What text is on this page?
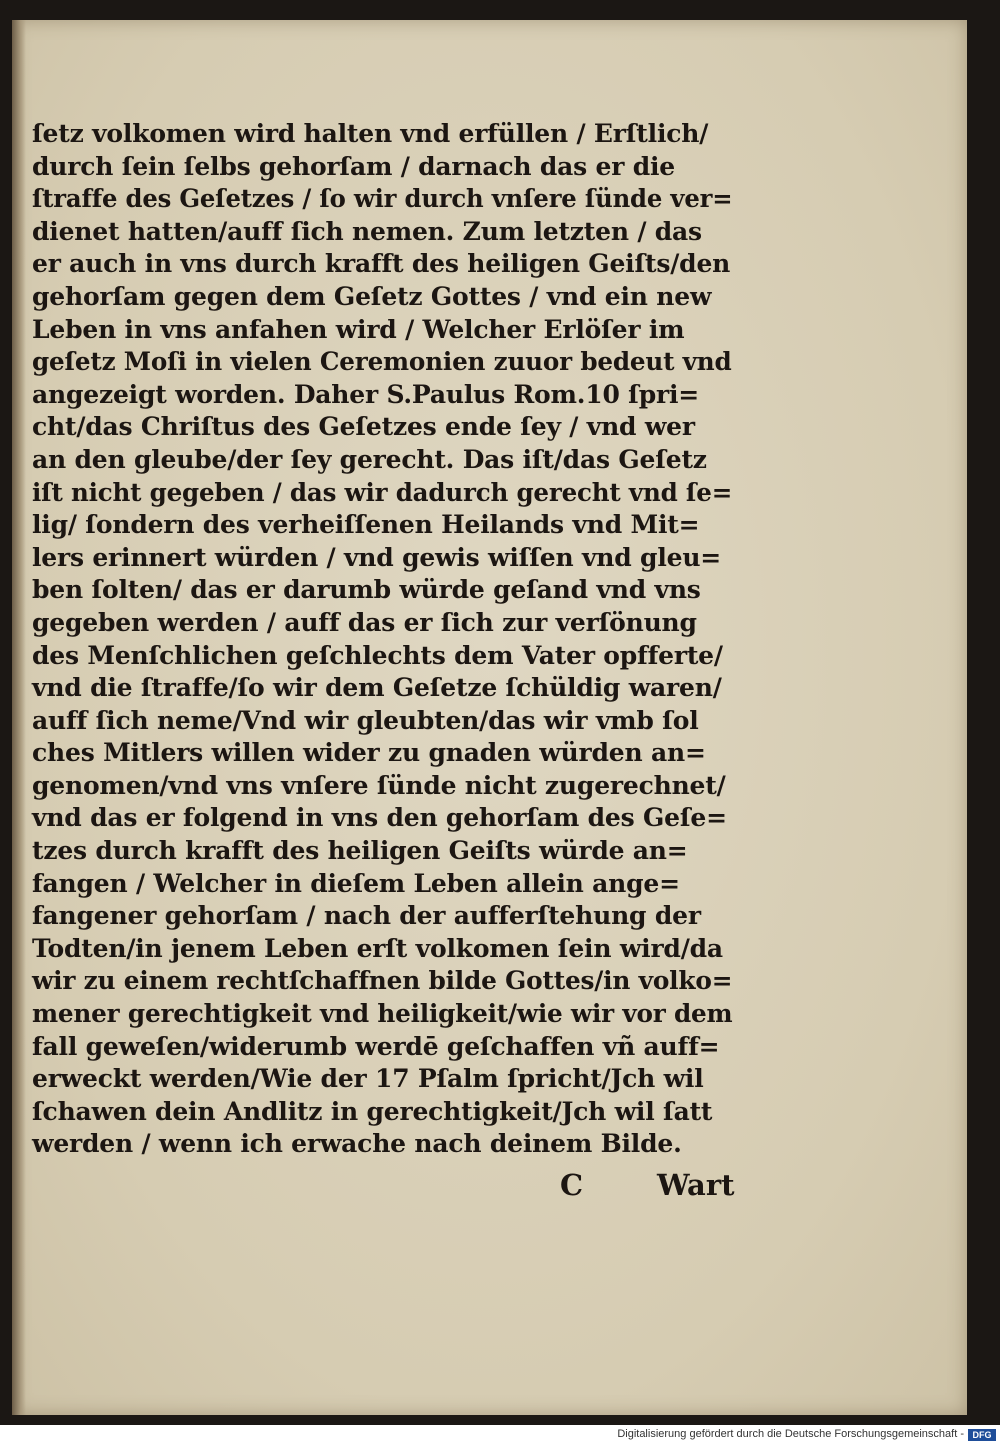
ſetz volkomen wird halten vnd erfüllen / Erſtlich/
durch ſein ſelbs gehorſam / darnach das er die
ſtraffe des Geſetzes / ſo wir durch vnſere ſünde ver=
dienet hatten/auff ſich nemen. Zum letzten / das
er auch in vns durch krafft des heiligen Geiſts/den
gehorſam gegen dem Geſetz Gottes / vnd ein new
Leben in vns anfahen wird / Welcher Erlöſer im
geſetz Moſi in vielen Ceremonien zuuor bedeut vnd
angezeigt worden. Daher S.Paulus Rom.10 ſpri=
cht/das Chriſtus des Geſetzes ende ſey / vnd wer
an den gleube/der ſey gerecht. Das iſt/das Geſetz
iſt nicht gegeben / das wir dadurch gerecht vnd ſe=
lig/ ſondern des verheiſſenen Heilands vnd Mit=
lers erinnert würden / vnd gewis wiſſen vnd gleu=
ben ſolten/ das er darumb würde geſand vnd vns
gegeben werden / auff das er ſich zur verſönung
des Menſchlichen geſchlechts dem Vater opfferte/
vnd die ſtraffe/ſo wir dem Geſetze ſchüldig waren/
auff ſich neme/Vnd wir gleubten/das wir vmb ſol
ches Mitlers willen wider zu gnaden würden an=
genomen/vnd vns vnſere ſünde nicht zugerechnet/
vnd das er folgend in vns den gehorſam des Geſe=
tzes durch krafft des heiligen Geiſts würde an=
fangen / Welcher in dieſem Leben allein ange=
fangener gehorſam / nach der aufferſtehung der
Todten/in jenem Leben erſt volkomen ſein wird/da
wir zu einem rechtſchaffnen bilde Gottes/in volko=
mener gerechtigkeit vnd heiligkeit/wie wir vor dem
fall geweſen/widerumb werdē geſchaffen vñ auff=
erweckt werden/Wie der 17 Pſalm ſpricht/Jch wil
ſchawen dein Andlitz in gerechtigkeit/Jch wil ſatt
werden / wenn ich erwache nach deinem Bilde.
C	Wart
Digitalisierung gefördert durch die Deutsche Forschungsgemeinschaft - DFG
